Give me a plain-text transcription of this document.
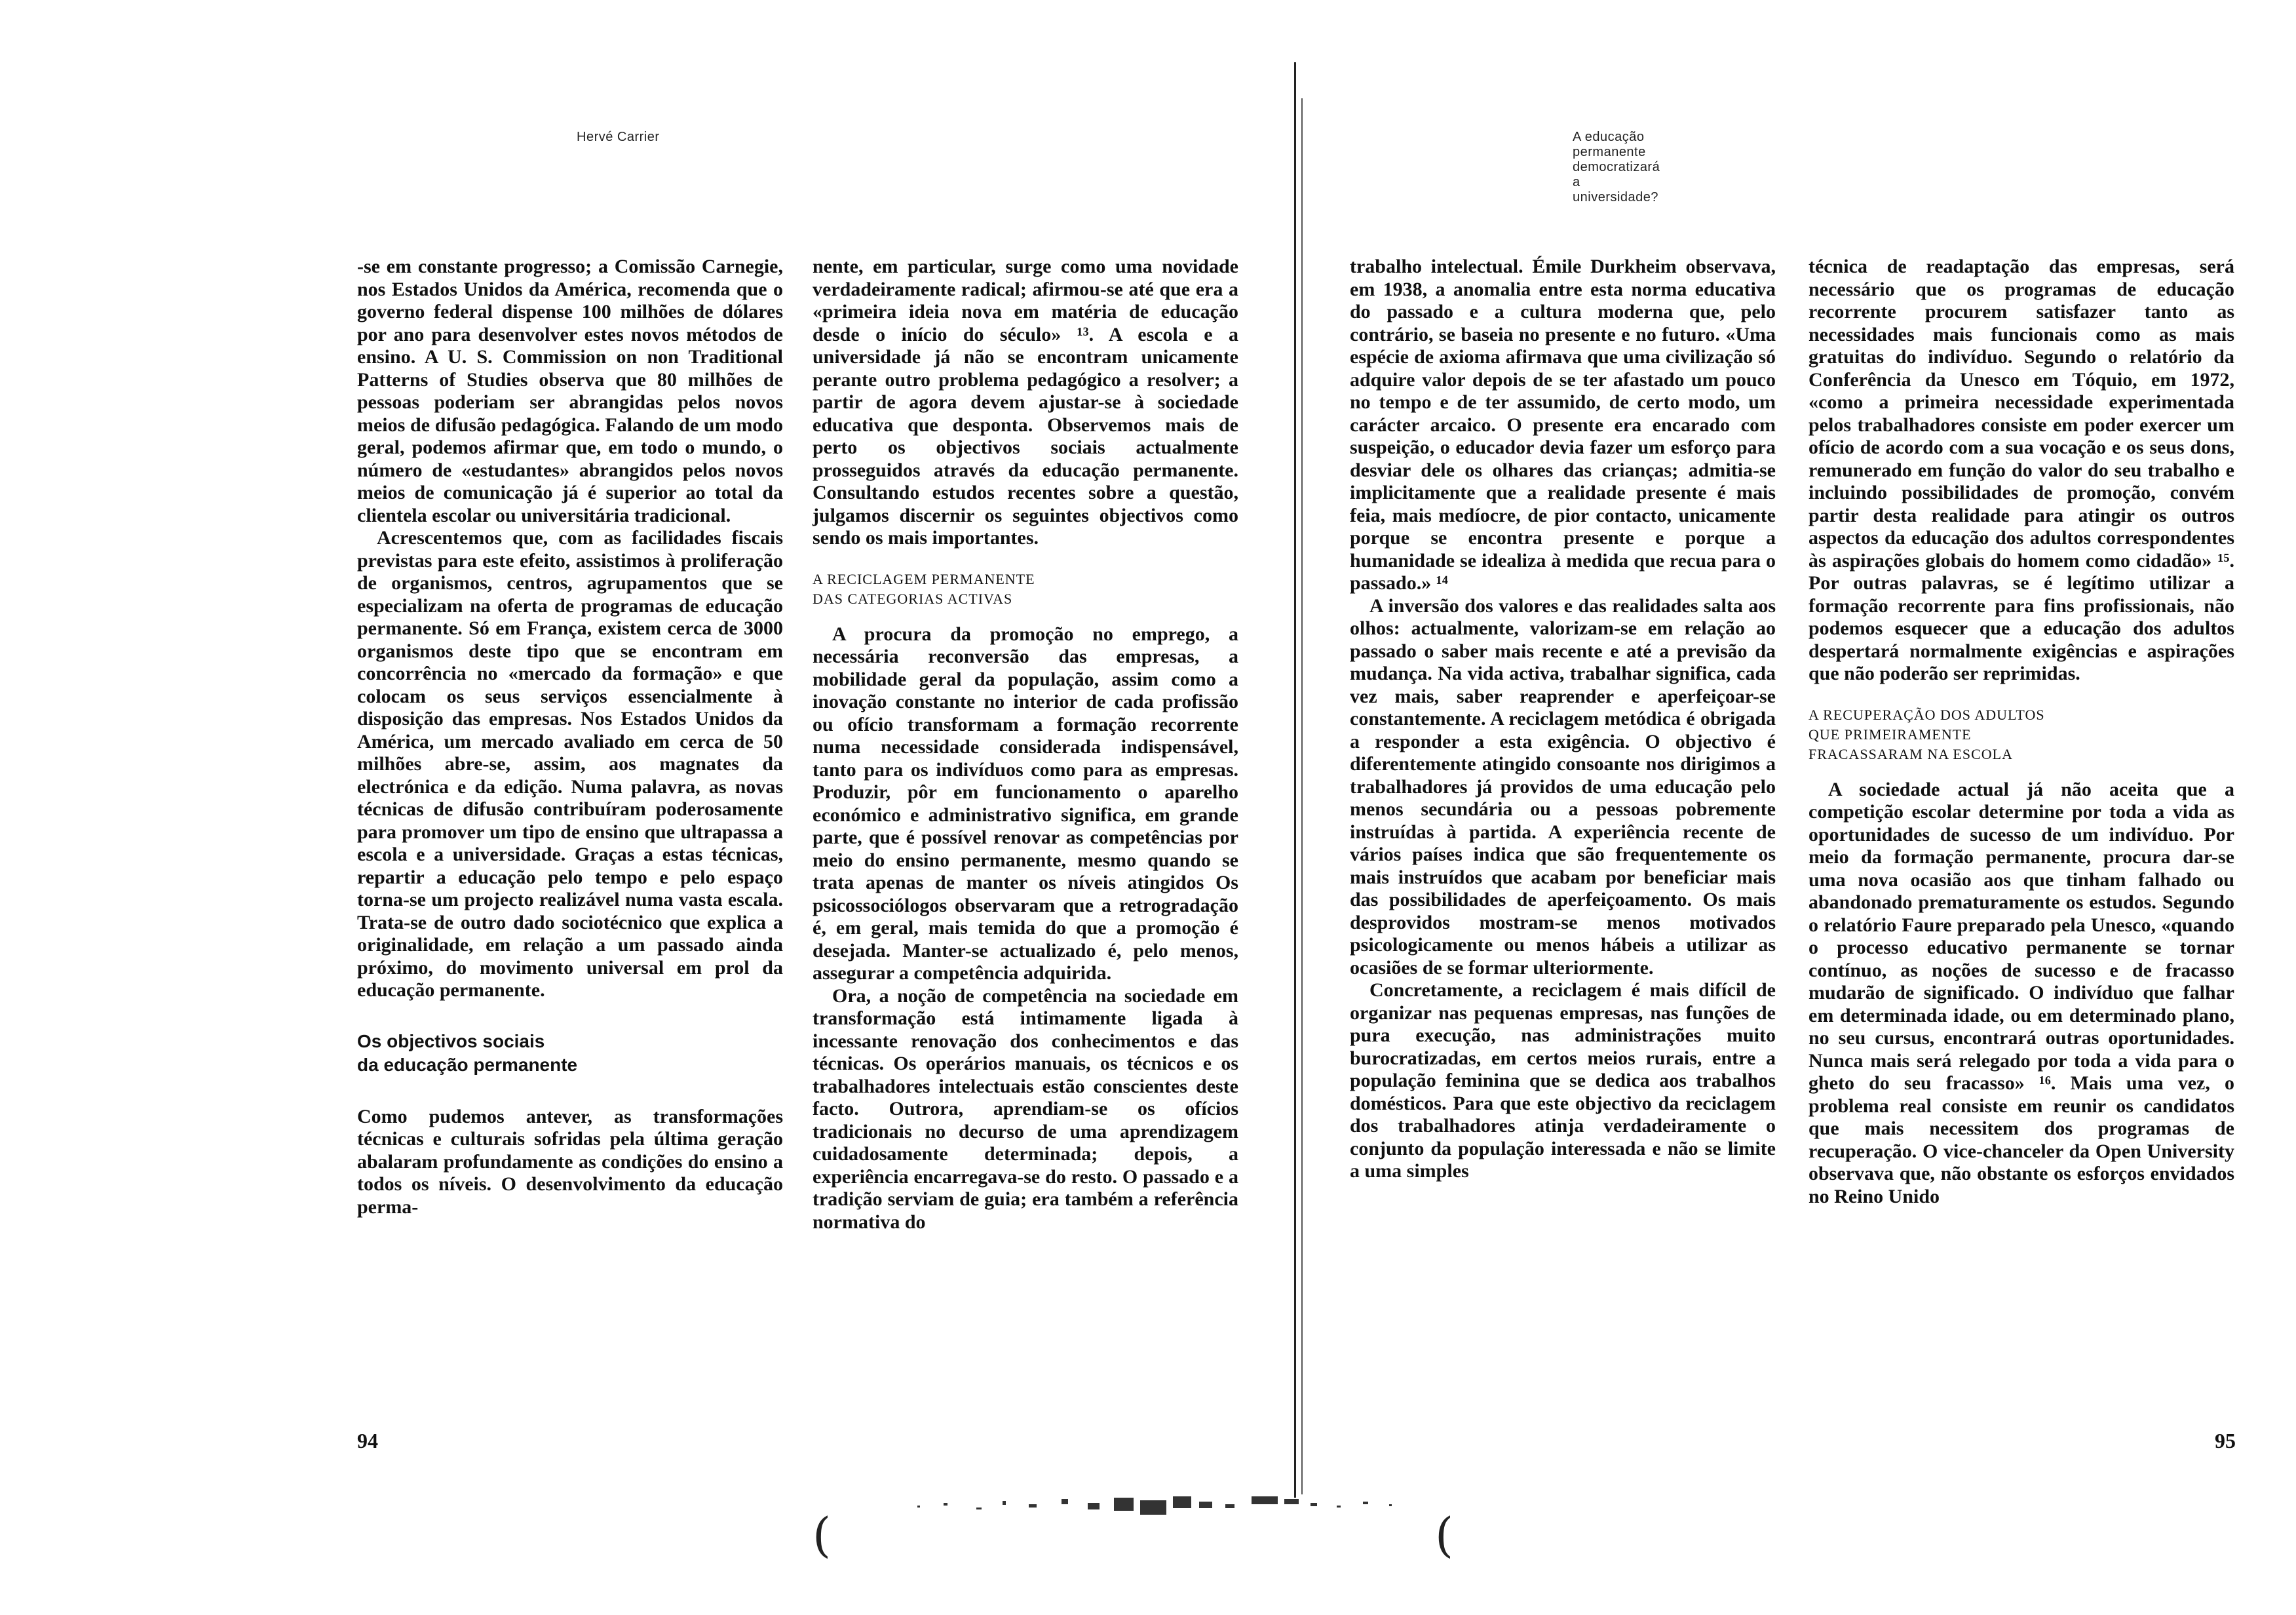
Hervé Carrier

-se em constante progresso; a Comissão Carnegie, nos Estados Unidos da América, recomenda que o governo federal dispense 100 milhões de dólares por ano para desenvolver estes novos métodos de ensino. A U. S. Commission on non Traditional Patterns of Studies observa que 80 milhões de pessoas poderiam ser abrangidas pelos novos meios de difusão pedagógica. Falando de um modo geral, podemos afirmar que, em todo o mundo, o número de «estudantes» abrangidos pelos novos meios de comunicação já é superior ao total da clientela escolar ou universitária tradicional.

Acrescentemos que, com as facilidades fiscais previstas para este efeito, assistimos à proliferação de organismos, centros, agrupamentos que se especializam na oferta de programas de educação permanente. Só em França, existem cerca de 3000 organismos deste tipo que se encontram em concorrência no «mercado da formação» e que colocam os seus serviços essencialmente à disposição das empresas. Nos Estados Unidos da América, um mercado avaliado em cerca de 50 milhões abre-se, assim, aos magnates da electrónica e da edição. Numa palavra, as novas técnicas de difusão contribuíram poderosamente para promover um tipo de ensino que ultrapassa a escola e a universidade. Graças a estas técnicas, repartir a educação pelo tempo e pelo espaço torna-se um projecto realizável numa vasta escala. Trata-se de outro dado sociotécnico que explica a originalidade, em relação a um passado ainda próximo, do movimento universal em prol da educação permanente.

Os objectivos sociais
da educação permanente

Como pudemos antever, as transformações técnicas e culturais sofridas pela última geração abalaram profundamente as condições do ensino a todos os níveis. O desenvolvimento da educação perma-

nente, em particular, surge como uma novidade verdadeiramente radical; afirmou-se até que era a «primeira ideia nova em matéria de educação desde o início do século» ¹³. A escola e a universidade já não se encontram unicamente perante outro problema pedagógico a resolver; a partir de agora devem ajustar-se à sociedade educativa que desponta. Observemos mais de perto os objectivos sociais actualmente prosseguidos através da educação permanente. Consultando estudos recentes sobre a questão, julgamos discernir os seguintes objectivos como sendo os mais importantes.

A RECICLAGEM PERMANENTE
DAS CATEGORIAS ACTIVAS

A procura da promoção no emprego, a necessária reconversão das empresas, a mobilidade geral da população, assim como a inovação constante no interior de cada profissão ou ofício transformam a formação recorrente numa necessidade considerada indispensável, tanto para os indivíduos como para as empresas. Produzir, pôr em funcionamento o aparelho económico e administrativo significa, em grande parte, que é possível renovar as competências por meio do ensino permanente, mesmo quando se trata apenas de manter os níveis atingidos Os psicossociólogos observaram que a retrogradação é, em geral, mais temida do que a promoção é desejada. Manter-se actualizado é, pelo menos, assegurar a competência adquirida.

Ora, a noção de competência na sociedade em transformação está intimamente ligada à incessante renovação dos conhecimentos e das técnicas. Os operários manuais, os técnicos e os trabalhadores intelectuais estão conscientes deste facto. Outrora, aprendiam-se os ofícios tradicionais no decurso de uma aprendizagem cuidadosamente determinada; depois, a experiência encarregava-se do resto. O passado e a tradição serviam de guia; era também a referência normativa do

94
A educação permanente democratizará a universidade?

trabalho intelectual. Émile Durkheim observava, em 1938, a anomalia entre esta norma educativa do passado e a cultura moderna que, pelo contrário, se baseia no presente e no futuro. «Uma espécie de axioma afirmava que uma civilização só adquire valor depois de se ter afastado um pouco no tempo e de ter assumido, de certo modo, um carácter arcaico. O presente era encarado com suspeição, o educador devia fazer um esforço para desviar dele os olhares das crianças; admitia-se implicitamente que a realidade presente é mais feia, mais medíocre, de pior contacto, unicamente porque se encontra presente e porque a humanidade se idealiza à medida que recua para o passado.» ¹⁴

A inversão dos valores e das realidades salta aos olhos: actualmente, valorizam-se em relação ao passado o saber mais recente e até a previsão da mudança. Na vida activa, trabalhar significa, cada vez mais, saber reaprender e aperfeiçoar-se constantemente. A reciclagem metódica é obrigada a responder a esta exigência. O objectivo é diferentemente atingido consoante nos dirigimos a trabalhadores já providos de uma educação pelo menos secundária ou a pessoas pobremente instruídas à partida. A experiência recente de vários países indica que são frequentemente os mais instruídos que acabam por beneficiar mais das possibilidades de aperfeiçoamento. Os mais desprovidos mostram-se menos motivados psicologicamente ou menos hábeis a utilizar as ocasiões de se formar ulteriormente.

Concretamente, a reciclagem é mais difícil de organizar nas pequenas empresas, nas funções de pura execução, nas administrações muito burocratizadas, em certos meios rurais, entre a população feminina que se dedica aos trabalhos domésticos. Para que este objectivo da reciclagem dos trabalhadores atinja verdadeiramente o conjunto da população interessada e não se limite a uma simples

técnica de readaptação das empresas, será necessário que os programas de educação recorrente procurem satisfazer tanto as necessidades mais funcionais como as mais gratuitas do indivíduo. Segundo o relatório da Conferência da Unesco em Tóquio, em 1972, «como a primeira necessidade experimentada pelos trabalhadores consiste em poder exercer um ofício de acordo com a sua vocação e os seus dons, remunerado em função do valor do seu trabalho e incluindo possibilidades de promoção, convém partir desta realidade para atingir os outros aspectos da educação dos adultos correspondentes às aspirações globais do homem como cidadão» ¹⁵. Por outras palavras, se é legítimo utilizar a formação recorrente para fins profissionais, não podemos esquecer que a educação dos adultos despertará normalmente exigências e aspirações que não poderão ser reprimidas.

A RECUPERAÇÃO DOS ADULTOS
QUE PRIMEIRAMENTE
FRACASSARAM NA ESCOLA

A sociedade actual já não aceita que a competição escolar determine por toda a vida as oportunidades de sucesso de um indivíduo. Por meio da formação permanente, procura dar-se uma nova ocasião aos que tinham falhado ou abandonado prematuramente os estudos. Segundo o relatório Faure preparado pela Unesco, «quando o processo educativo permanente se tornar contínuo, as noções de sucesso e de fracasso mudarão de significado. O indivíduo que falhar em determinada idade, ou em determinado plano, no seu cursus, encontrará outras oportunidades. Nunca mais será relegado por toda a vida para o gheto do seu fracasso» ¹⁶. Mais uma vez, o problema real consiste em reunir os candidatos que mais necessitem dos programas de recuperação. O vice-chanceler da Open University observava que, não obstante os esforços envidados no Reino Unido

95
(	(
